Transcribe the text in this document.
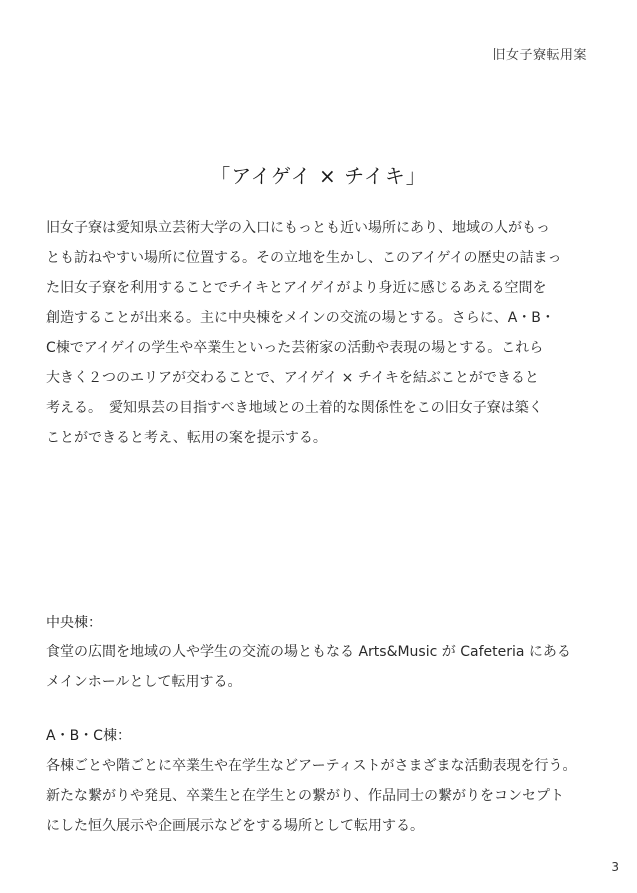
旧女子寮転用案
「アイゲイ × チイキ」
旧女子寮は愛知県立芸術大学の入口にもっとも近い場所にあり、地域の人がもっ
とも訪ねやすい場所に位置する。その立地を生かし、このアイゲイの歴史の詰まっ
た旧女子寮を利用することでチイキとアイゲイがより身近に感じるあえる空間を
創造することが出来る。主に中央棟をメインの交流の場とする。さらに、A・B・
C棟でアイゲイの学生や卒業生といった芸術家の活動や表現の場とする。これら
大きく２つのエリアが交わることで、アイゲイ × チイキを結ぶことができると
考える。　愛知県芸の目指すべき地域との土着的な関係性をこの旧女子寮は築く
ことができると考え、転用の案を提示する。
中央棟：
食堂の広間を地域の人や学生の交流の場ともなる Arts&Music が Cafeteria にある
メインホールとして転用する。
A・B・C棟：
各棟ごとや階ごとに卒業生や在学生などアーティストがさまざまな活動表現を行う。
新たな繋がりや発見、卒業生と在学生との繋がり、作品同士の繋がりをコンセプト
にした恒久展示や企画展示などをする場所として転用する。
3
